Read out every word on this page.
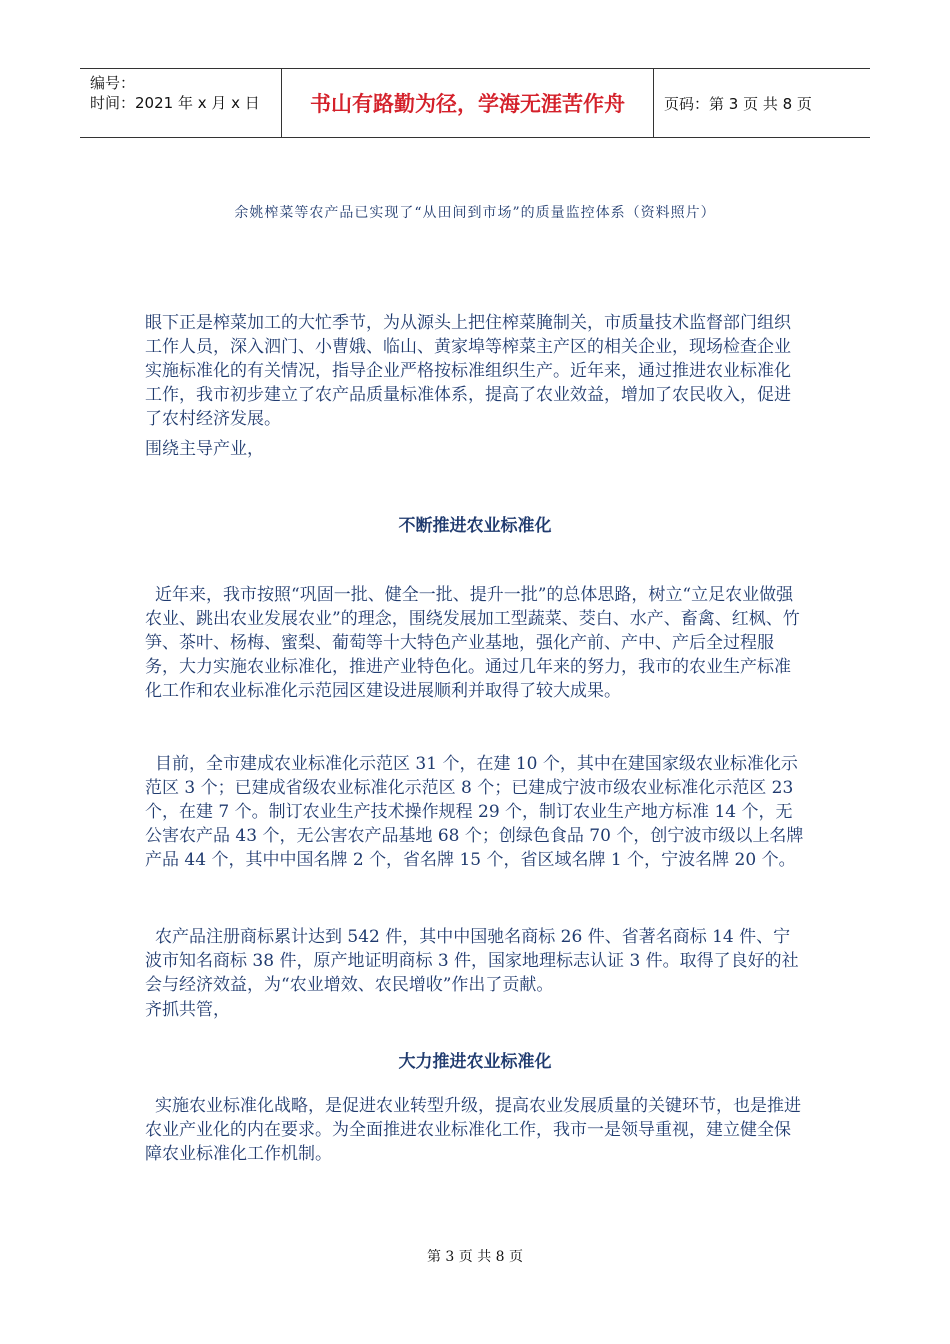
编号：
时间：2021 年 x 月 x 日	书山有路勤为径，学海无涯苦作舟	页码：第 3 页 共 8 页
余姚榨菜等农产品已实现了“从田间到市场”的质量监控体系（资料照片）
眼下正是榨菜加工的大忙季节，为从源头上把住榨菜腌制关，市质量技术监督部门组织工作人员，深入泗门、小曹娥、临山、黄家埠等榨菜主产区的相关企业，现场检查企业实施标准化的有关情况，指导企业严格按标准组织生产。近年来，通过推进农业标准化工作，我市初步建立了农产品质量标准体系，提高了农业效益，增加了农民收入，促进了农村经济发展。
围绕主导产业，
不断推进农业标准化
近年来，我市按照“巩固一批、健全一批、提升一批”的总体思路，树立“立足农业做强农业、跳出农业发展农业”的理念，围绕发展加工型蔬菜、茭白、水产、畜禽、红枫、竹笋、茶叶、杨梅、蜜梨、葡萄等十大特色产业基地，强化产前、产中、产后全过程服务，大力实施农业标准化，推进产业特色化。通过几年来的努力，我市的农业生产标准化工作和农业标准化示范园区建设进展顺利并取得了较大成果。
目前，全市建成农业标准化示范区 31 个，在建 10 个，其中在建国家级农业标准化示范区 3 个；已建成省级农业标准化示范区 8 个；已建成宁波市级农业标准化示范区 23 个，在建 7 个。制订农业生产技术操作规程 29 个，制订农业生产地方标准 14 个，无公害农产品 43 个，无公害农产品基地 68 个；创绿色食品 70 个，创宁波市级以上名牌产品 44 个，其中中国名牌 2 个，省名牌 15 个，省区域名牌 1 个，宁波名牌 20 个。
农产品注册商标累计达到 542 件，其中中国驰名商标 26 件、省著名商标 14 件、宁波市知名商标 38 件，原产地证明商标 3 件，国家地理标志认证 3 件。取得了良好的社会与经济效益，为“农业增效、农民增收”作出了贡献。
齐抓共管，
大力推进农业标准化
实施农业标准化战略，是促进农业转型升级，提高农业发展质量的关键环节，也是推进农业产业化的内在要求。为全面推进农业标准化工作，我市一是领导重视，建立健全保障农业标准化工作机制。
第 3 页 共 8 页
